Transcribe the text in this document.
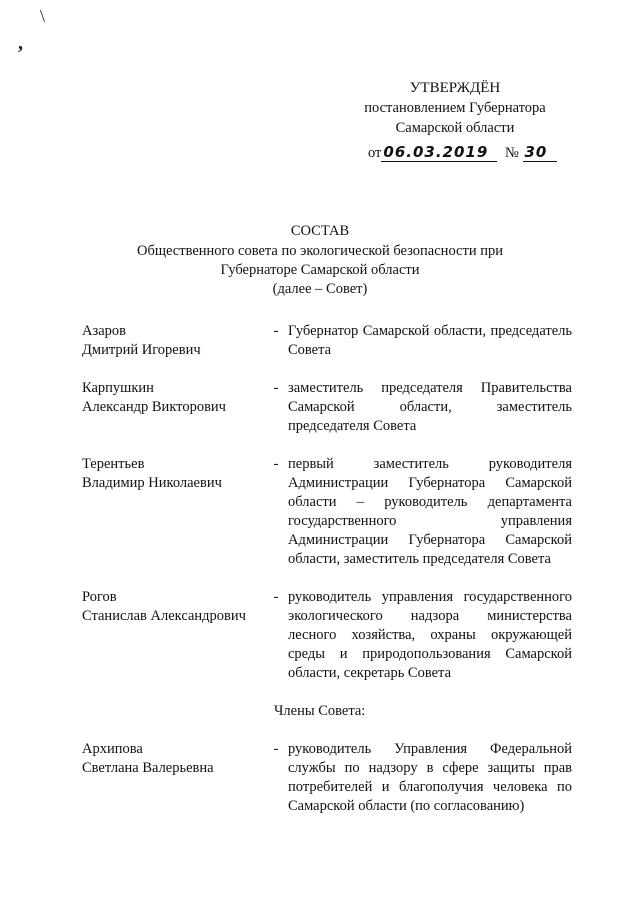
\
,
УТВЕРЖДЁН
постановлением Губернатора
Самарской области
от 06.03.2019 № 30
СОСТАВ
Общественного совета по экологической безопасности при
Губернаторе Самарской области
(далее – Совет)
Азаров
Дмитрий Игоревич
- Губернатор Самарской области, председатель Совета
Карпушкин
Александр Викторович
- заместитель председателя Правительства Самарской области, заместитель председателя Совета
Терентьев
Владимир Николаевич
- первый заместитель руководителя Администрации Губернатора Самарской области – руководитель департамента государственного управления Администрации Губернатора Самарской области, заместитель председателя Совета
Рогов
Станислав Александрович
- руководитель управления государственного экологического надзора министерства лесного хозяйства, охраны окружающей среды и природопользования Самарской области, секретарь Совета
Члены Совета:
Архипова
Светлана Валерьевна
- руководитель Управления Федеральной службы по надзору в сфере защиты прав потребителей и благополучия человека по Самарской области (по согласованию)
